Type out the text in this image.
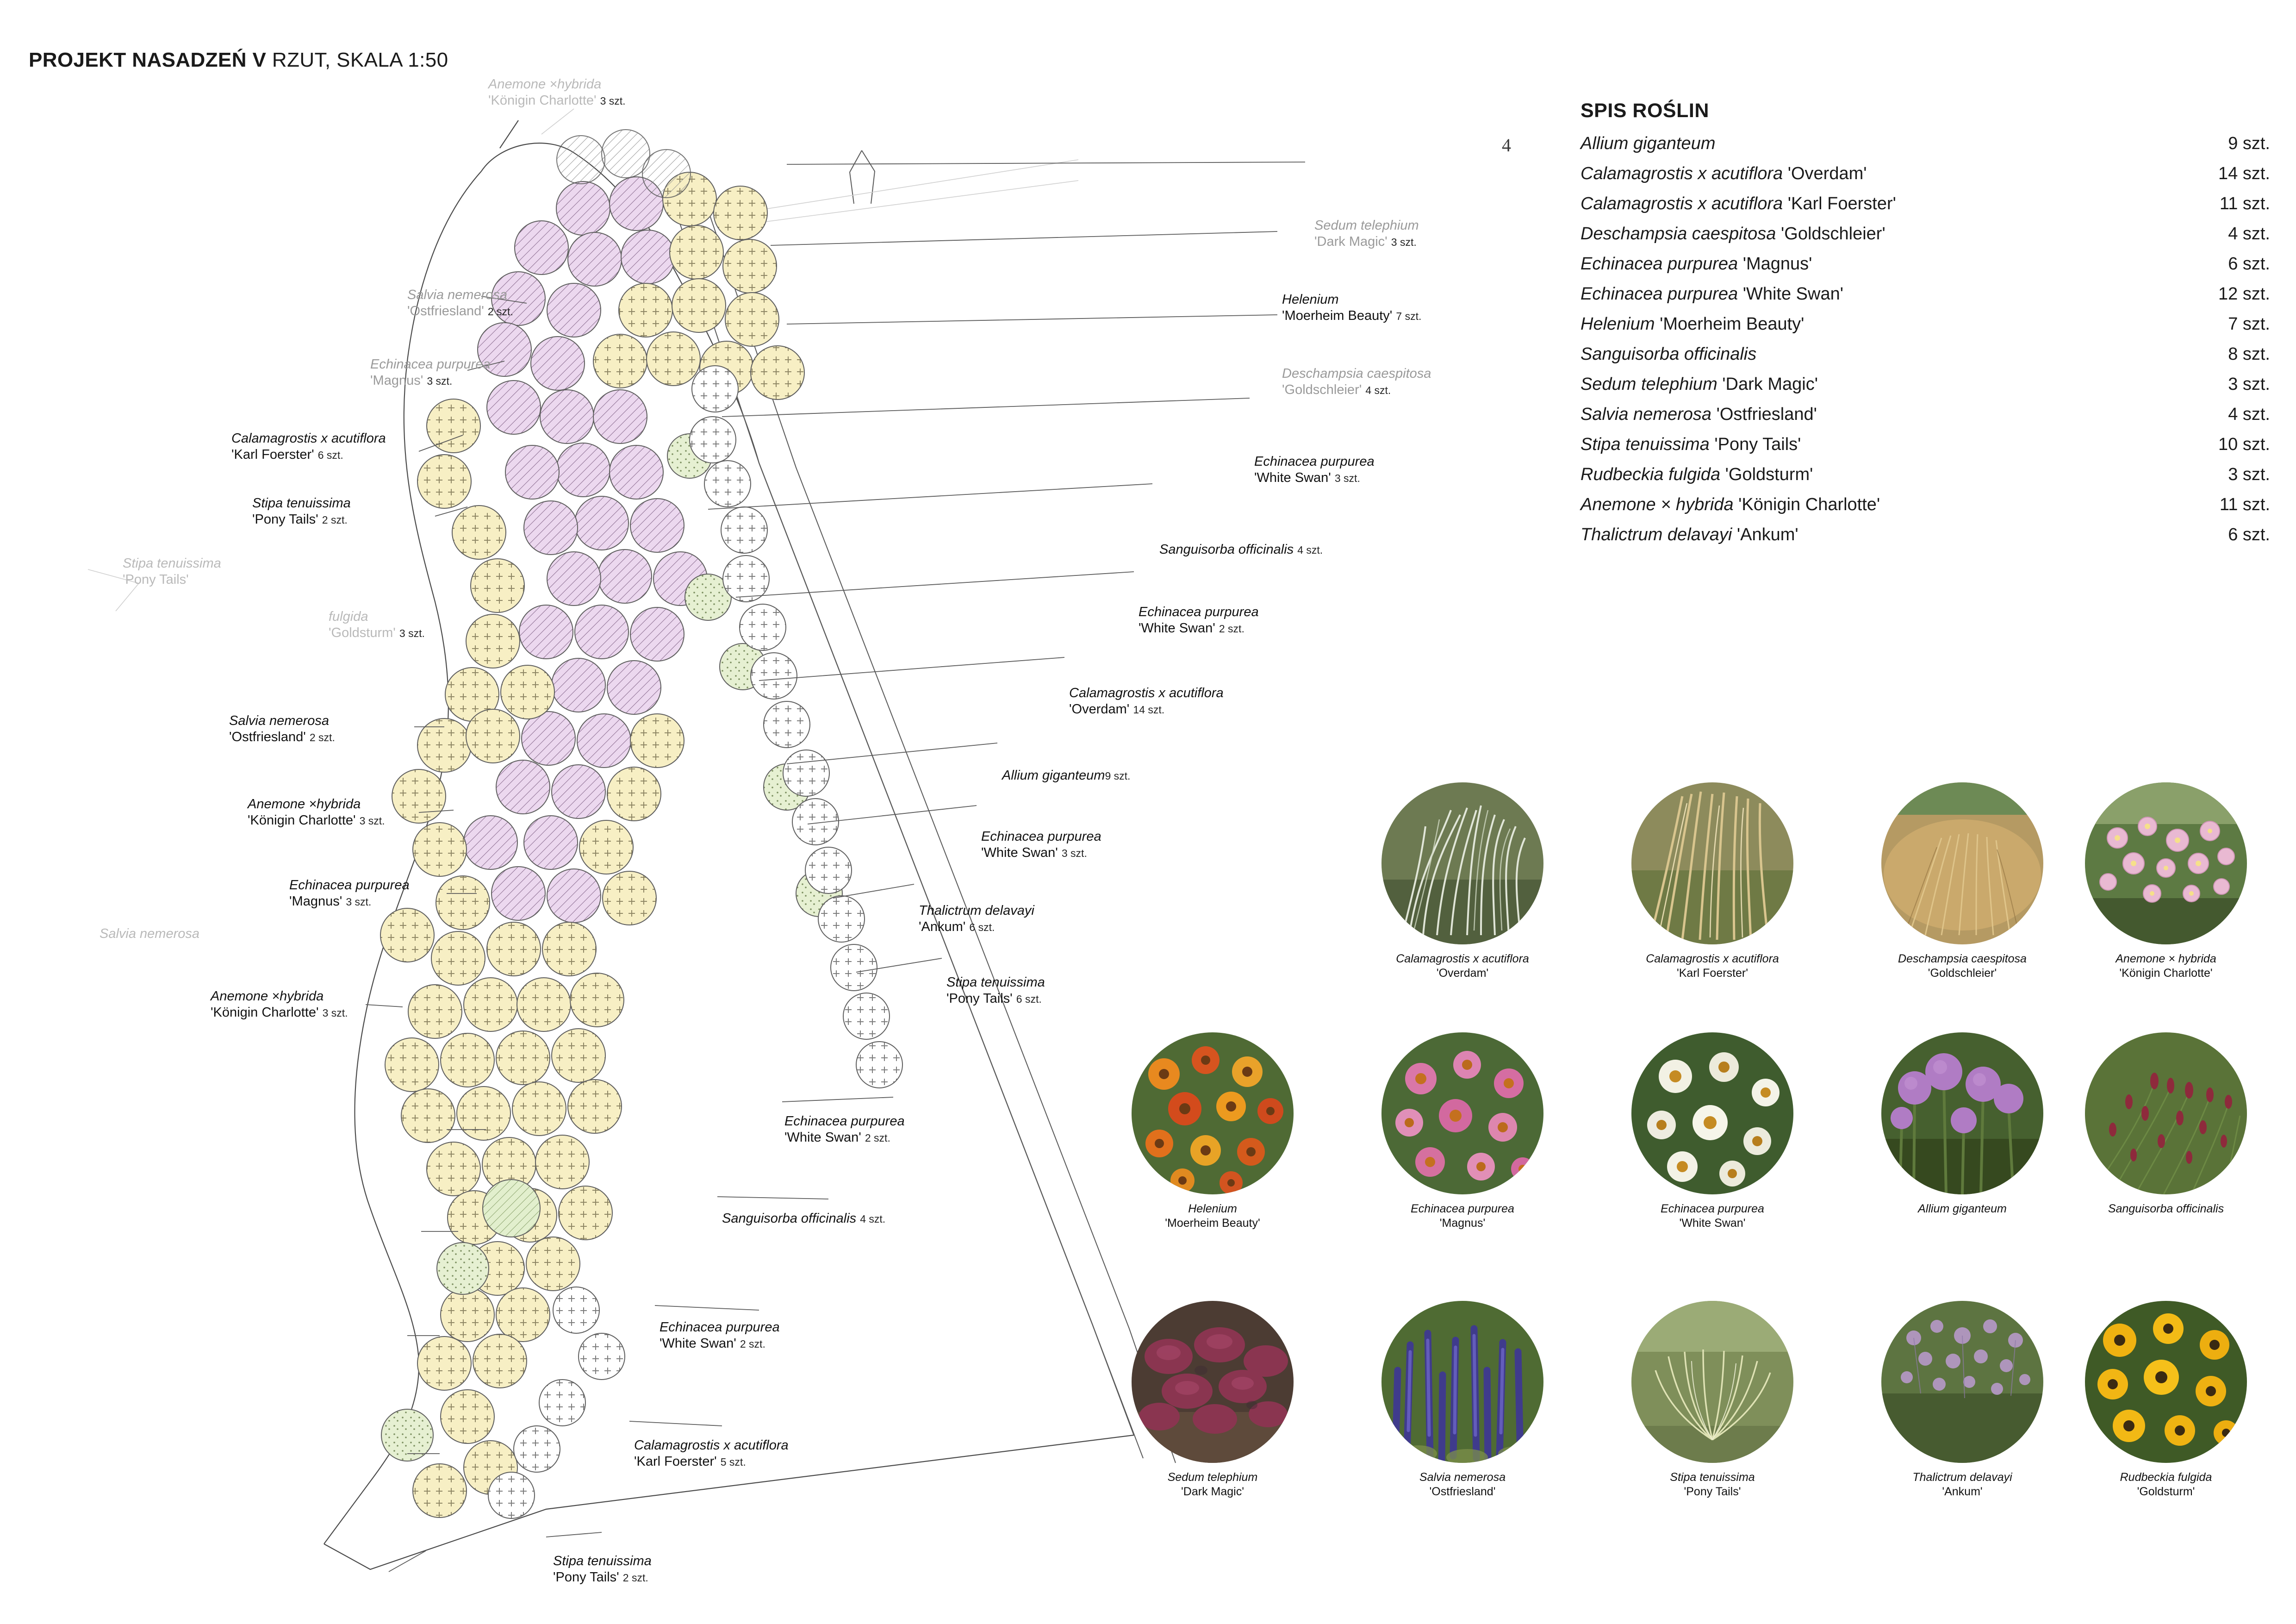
PROJEKT NASADZEŃ V RZUT, SKALA 1:50
4
Anemone ×hybrida
'Königin Charlotte' 3 szt.
Salvia nemerosa
'Ostfriesland' 2 szt.
Echinacea purpurea
'Magnus' 3 szt.
Calamagrostis x acutiflora
'Karl Foerster' 6 szt.
Stipa tenuissima
'Pony Tails' 2 szt.
Stipa tenuissima
'Pony Tails'
fulgida
'Goldsturm' 3 szt.
Salvia nemerosa
'Ostfriesland' 2 szt.
Anemone ×hybrida
'Königin Charlotte' 3 szt.
Echinacea purpurea
'Magnus' 3 szt.
Salvia nemerosa
Anemone ×hybrida
'Königin Charlotte' 3 szt.
Sedum telephium
'Dark Magic' 3 szt.
Helenium
'Moerheim Beauty' 7 szt.
Deschampsia caespitosa
'Goldschleier' 4 szt.
Echinacea purpurea
'White Swan' 3 szt.
Sanguisorba officinalis 4 szt.
Echinacea purpurea
'White Swan' 2 szt.
Calamagrostis x acutiflora
'Overdam' 14 szt.
Allium giganteum9 szt.
Echinacea purpurea
'White Swan' 3 szt.
Thalictrum delavayi
'Ankum' 6 szt.
Stipa tenuissima
'Pony Tails' 6 szt.
Echinacea purpurea
'White Swan' 2 szt.
Sanguisorba officinalis 4 szt.
Echinacea purpurea
'White Swan' 2 szt.
Calamagrostis x acutiflora
'Karl Foerster' 5 szt.
Stipa tenuissima
'Pony Tails' 2 szt.
SPIS ROŚLIN
Allium giganteum	9 szt.
Calamagrostis x acutiflora 'Overdam'	14 szt.
Calamagrostis x acutiflora 'Karl Foerster'	11 szt.
Deschampsia caespitosa 'Goldschleier'	4 szt.
Echinacea purpurea 'Magnus'	6 szt.
Echinacea purpurea 'White Swan'	12 szt.
Helenium 'Moerheim Beauty'	7 szt.
Sanguisorba officinalis	8 szt.
Sedum telephium 'Dark Magic'	3 szt.
Salvia nemerosa 'Ostfriesland'	4 szt.
Stipa tenuissima 'Pony Tails'	10 szt.
Rudbeckia fulgida 'Goldsturm'	3 szt.
Anemone × hybrida 'Königin Charlotte'	11 szt.
Thalictrum delavayi 'Ankum'	6 szt.
Calamagrostis x acutiflora
'Overdam'
Calamagrostis x acutiflora
'Karl Foerster'
Deschampsia caespitosa
'Goldschleier'
Anemone × hybrida
'Königin Charlotte'
Helenium
'Moerheim Beauty'
Echinacea purpurea
'Magnus'
Echinacea purpurea
'White Swan'
Allium giganteum	Sanguisorba officinalis

Sedum telephium
'Dark Magic'
Salvia nemerosa
'Ostfriesland'
Stipa tenuissima
'Pony Tails'
Thalictrum delavayi
'Ankum'
Rudbeckia fulgida
'Goldsturm'
